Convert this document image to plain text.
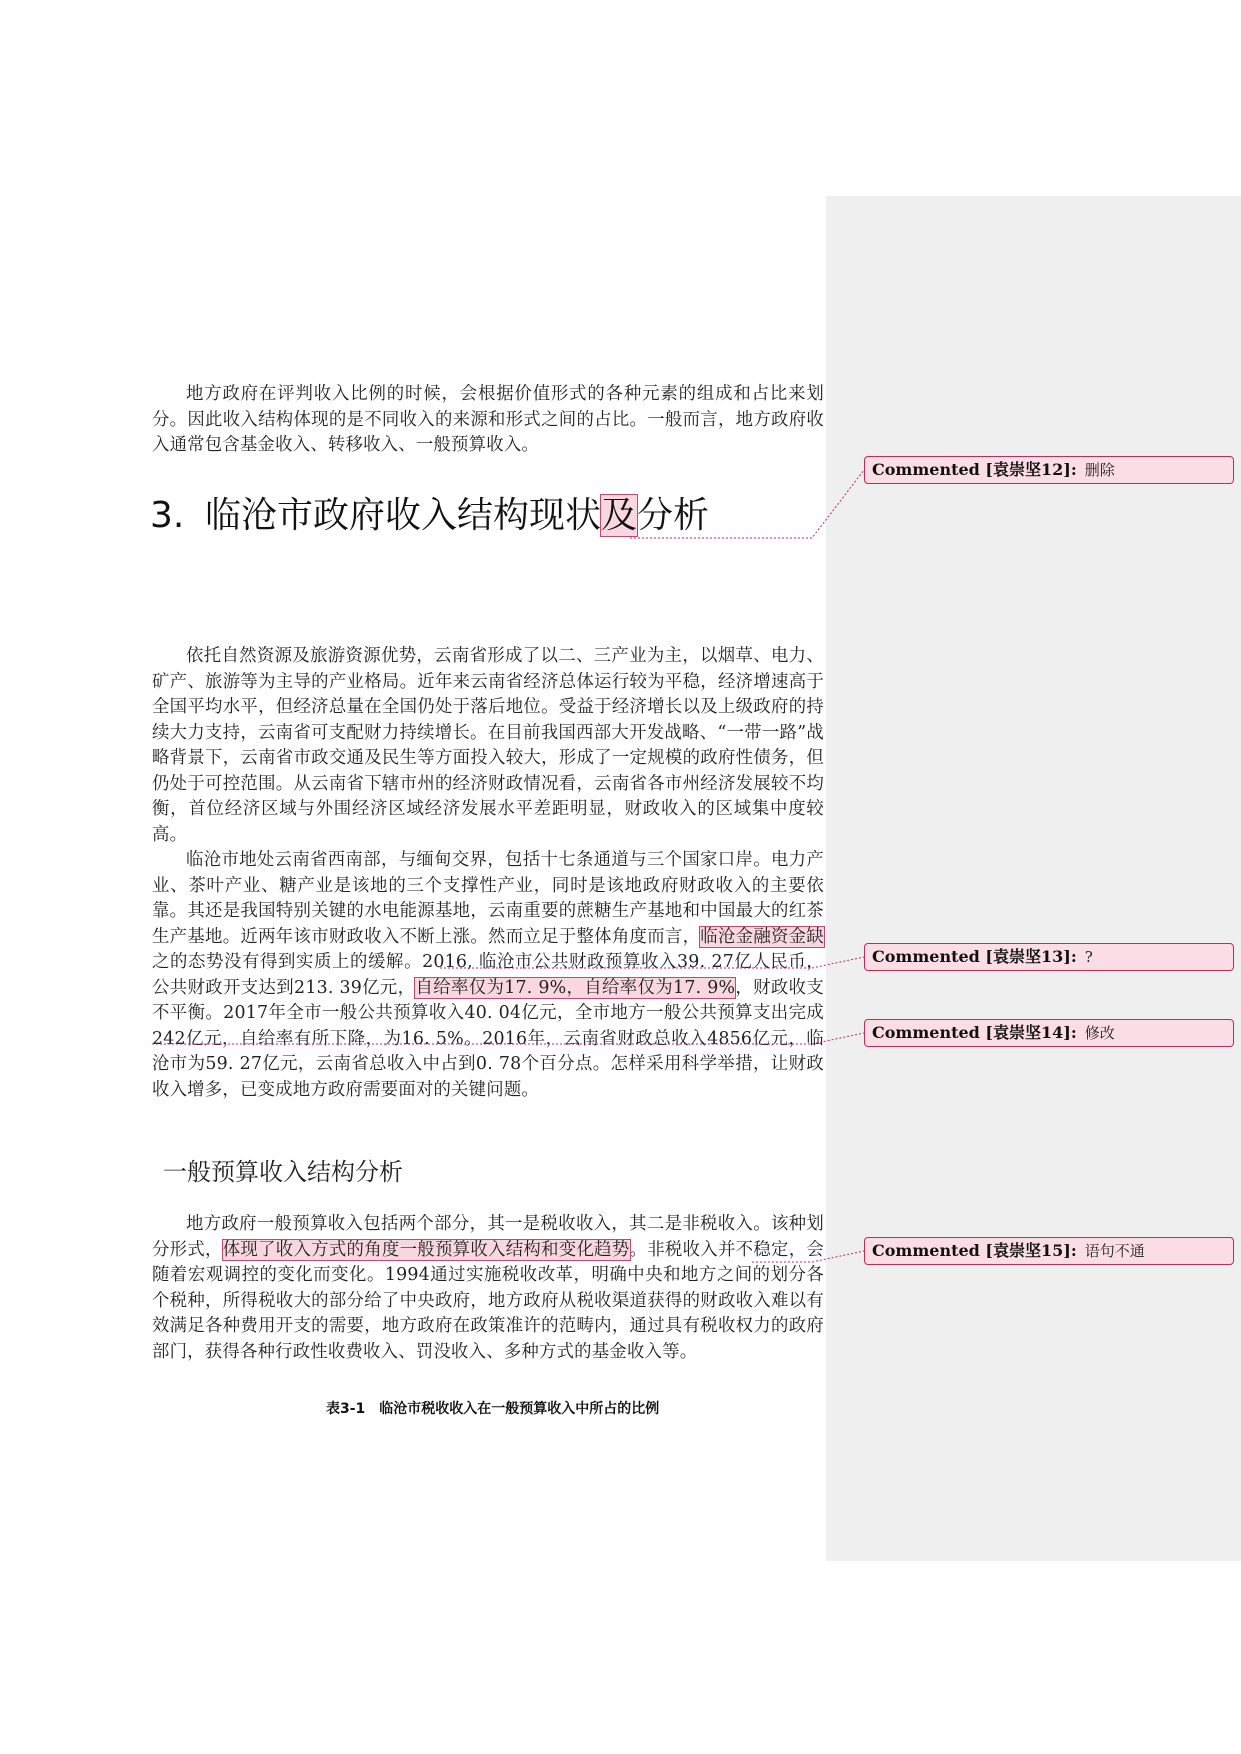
地方政府在评判收入比例的时候，会根据价值形式的各种元素的组成和占比来划分。因此收入结构体现的是不同收入的来源和形式之间的占比。一般而言，地方政府收入通常包含基金收入、转移收入、一般预算收入。

3. 临沧市政府收入结构现状及分析

依托自然资源及旅游资源优势，云南省形成了以二、三产业为主，以烟草、电力、矿产、旅游等为主导的产业格局。近年来云南省经济总体运行较为平稳，经济增速高于全国平均水平，但经济总量在全国仍处于落后地位。受益于经济增长以及上级政府的持续大力支持，云南省可支配财力持续增长。在目前我国西部大开发战略、“一带一路”战略背景下，云南省市政交通及民生等方面投入较大，形成了一定规模的政府性债务，但仍处于可控范围。从云南省下辖市州的经济财政情况看，云南省各市州经济发展较不均衡，首位经济区域与外围经济区域经济发展水平差距明显，财政收入的区域集中度较高。

临沧市地处云南省西南部，与缅甸交界，包括十七条通道与三个国家口岸。电力产业、茶叶产业、糖产业是该地的三个支撑性产业，同时是该地政府财政收入的主要依靠。其还是我国特别关键的水电能源基地，云南重要的蔗糖生产基地和中国最大的红茶生产基地。近两年该市财政收入不断上涨。然而立足于整体角度而言，临沧金融资金缺之的态势没有得到实质上的缓解。2016, 临沧市公共财政预算收入39. 27亿人民币，公共财政开支达到213. 39亿元，自给率仅为17. 9%，自给率仅为17. 9%，财政收支不平衡。2017年全市一般公共预算收入40. 04亿元，全市地方一般公共预算支出完成242亿元，自给率有所下降，为16. 5%。2016年，云南省财政总收入4856亿元，临沧市为59. 27亿元，云南省总收入中占到0. 78个百分点。怎样采用科学举措，让财政收入增多，已变成地方政府需要面对的关键问题。

一般预算收入结构分析

地方政府一般预算收入包括两个部分，其一是税收收入，其二是非税收入。该种划分形式，体现了收入方式的角度一般预算收入结构和变化趋势。非税收入并不稳定，会随着宏观调控的变化而变化。1994通过实施税收改革，明确中央和地方之间的划分各个税种，所得税收大的部分给了中央政府，地方政府从税收渠道获得的财政收入难以有效满足各种费用开支的需要，地方政府在政策准许的范畴内，通过具有税收权力的政府部门，获得各种行政性收费收入、罚没收入、多种方式的基金收入等。

表3-1　临沧市税收收入在一般预算收入中所占的比例
Commented [袁崇坚12]: 删除
Commented [袁崇坚13]: ?
Commented [袁崇坚14]: 修改
Commented [袁崇坚15]: 语句不通
